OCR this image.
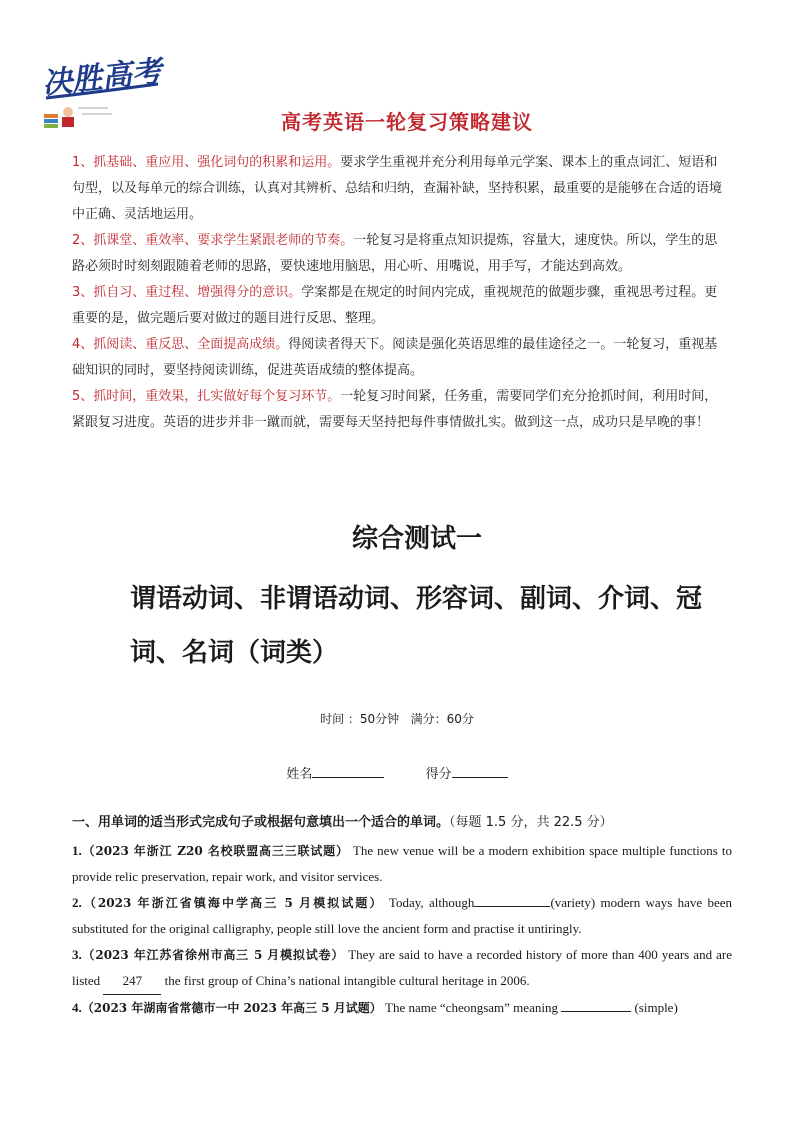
决胜高考
高考英语一轮复习策略建议

1、抓基础、重应用、强化词句的积累和运用。要求学生重视并充分利用每单元学案、课本上的重点词汇、短语和句型，以及每单元的综合训练，认真对其辨析、总结和归纳，查漏补缺，坚持积累，最重要的是能够在合适的语境中正确、灵活地运用。

2、抓课堂、重效率、要求学生紧跟老师的节奏。一轮复习是将重点知识提炼，容量大，速度快。所以，学生的思路必须时时刻刻跟随着老师的思路，要快速地用脑思，用心听、用嘴说，用手写，才能达到高效。

3、抓自习、重过程、增强得分的意识。学案都是在规定的时间内完成，重视规范的做题步骤，重视思考过程。更重要的是，做完题后要对做过的题目进行反思、整理。

4、抓阅读、重反思、全面提高成绩。得阅读者得天下。阅读是强化英语思维的最佳途径之一。一轮复习，重视基础知识的同时，要坚持阅读训练，促进英语成绩的整体提高。

5、抓时间，重效果，扎实做好每个复习环节。一轮复习时间紧，任务重，需要同学们充分抢抓时间，利用时间，紧跟复习进度。英语的进步并非一蹴而就，需要每天坚持把每件事情做扎实。做到这一点，成功只是早晚的事！

综合测试一
谓语动词、非谓语动词、形容词、副词、介词、冠词、名词（词类）
时间 ：50分钟 满分：60分
姓名	得分
一、用单词的适当形式完成句子或根据句意填出一个适合的单词。（每题 1.5 分，共 22.5 分）
1.（2023 年浙江 Z20 名校联盟高三三联试题） The new venue will be a modern exhibition space multiple functions to provide relic preservation, repair work, and visitor services.
2.（2023 年浙江省镇海中学高三 5 月模拟试题） Today, although	(variety) modern ways have been substituted for the original calligraphy, people still love the ancient form and practise it untiringly.
3.（2023 年江苏省徐州市高三 5 月模拟试卷） They are said to have a recorded history of more than 400 years and are listed 247 the first group of China’s national intangible cultural heritage in 2006.
4.（2023 年湖南省常德市一中 2023 年高三 5 月试题） The name “cheongsam” meaning	(simple)
